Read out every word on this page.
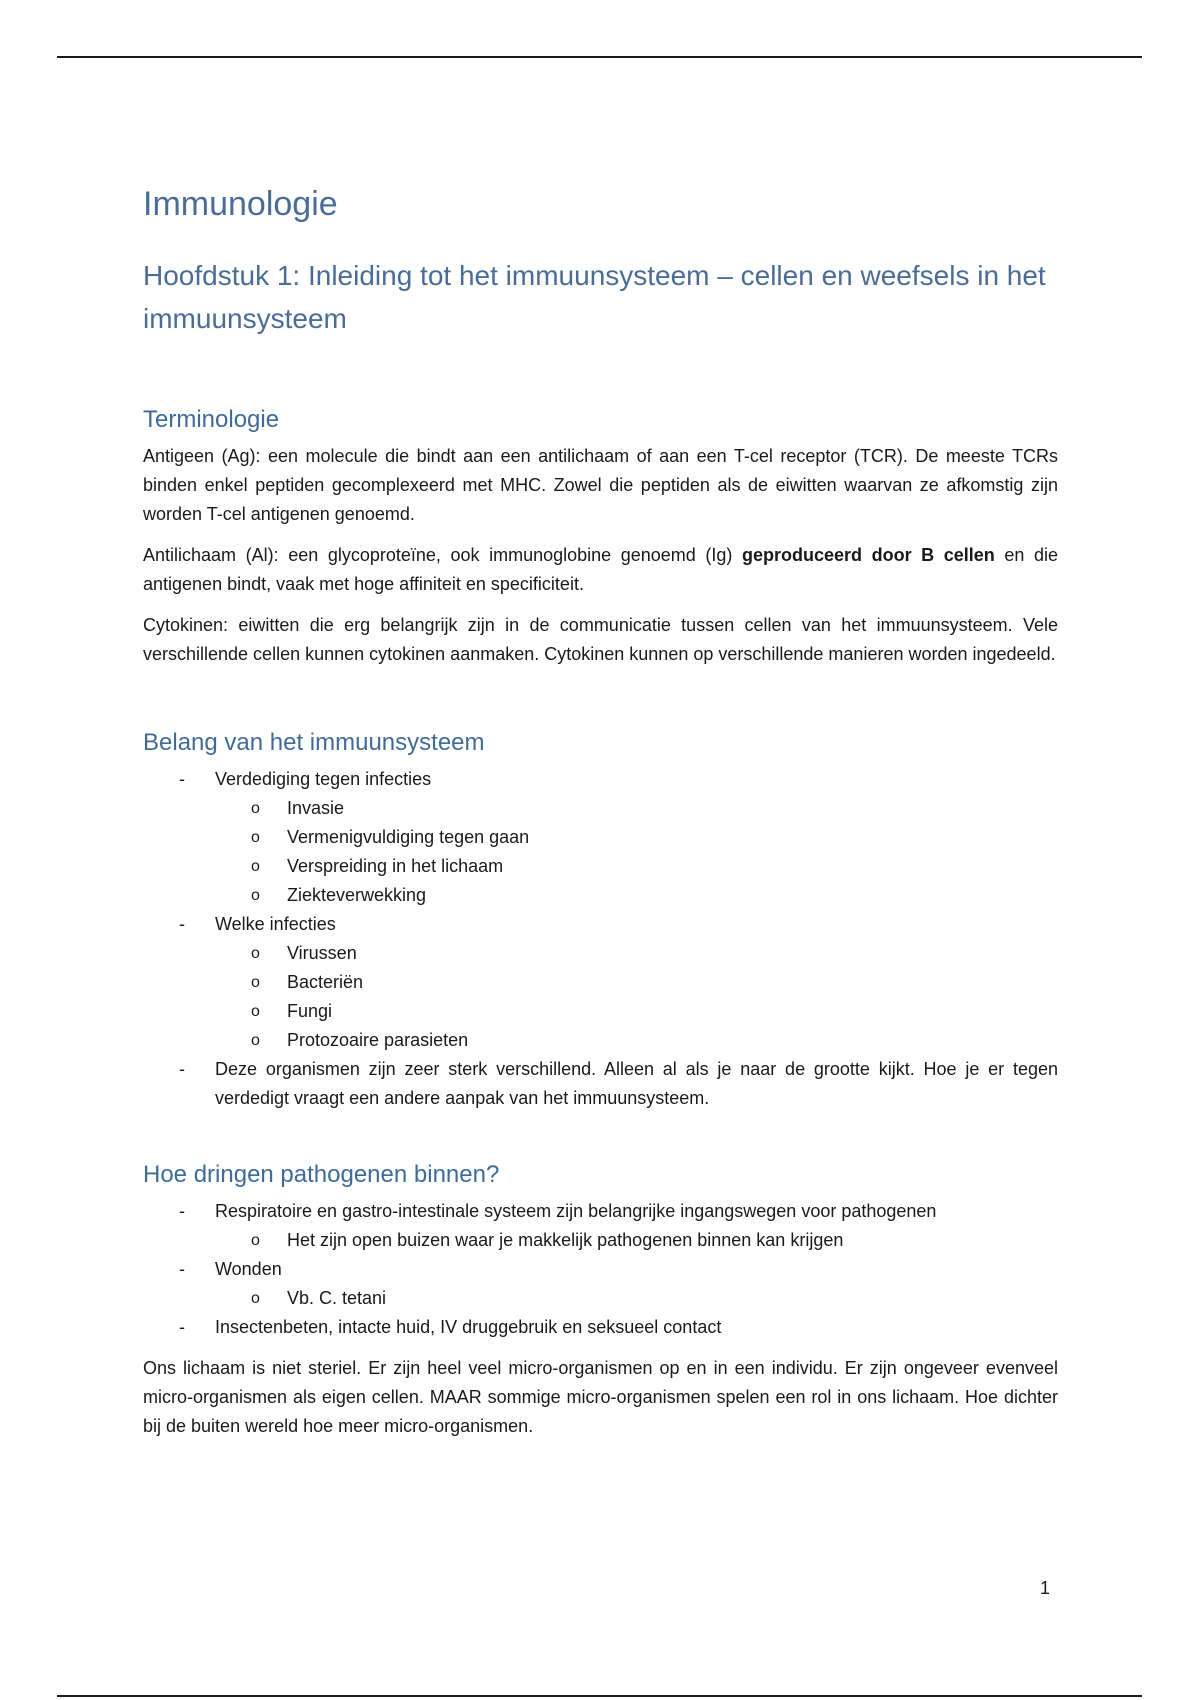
Immunologie
Hoofdstuk 1: Inleiding tot het immuunsysteem – cellen en weefsels in het immuunsysteem
Terminologie

Antigeen (Ag): een molecule die bindt aan een antilichaam of aan een T-cel receptor (TCR). De meeste TCRs binden enkel peptiden gecomplexeerd met MHC. Zowel die peptiden als de eiwitten waarvan ze afkomstig zijn worden T-cel antigenen genoemd.

Antilichaam (Al): een glycoproteïne, ook immunoglobine genoemd (Ig) geproduceerd door B cellen en die antigenen bindt, vaak met hoge affiniteit en specificiteit.

Cytokinen: eiwitten die erg belangrijk zijn in de communicatie tussen cellen van het immuunsysteem. Vele verschillende cellen kunnen cytokinen aanmaken. Cytokinen kunnen op verschillende manieren worden ingedeeld.

Belang van het immuunsysteem
- Verdediging tegen infecties
o Invasie
o Vermenigvuldiging tegen gaan
o Verspreiding in het lichaam
o Ziekteverwekking
- Welke infecties
o Virussen
o Bacteriën
o Fungi
o Protozoaire parasieten
- Deze organismen zijn zeer sterk verschillend. Alleen al als je naar de grootte kijkt. Hoe je er tegen verdedigt vraagt een andere aanpak van het immuunsysteem.
Hoe dringen pathogenen binnen?
- Respiratoire en gastro-intestinale systeem zijn belangrijke ingangswegen voor pathogenen
o Het zijn open buizen waar je makkelijk pathogenen binnen kan krijgen
- Wonden
o Vb. C. tetani
- Insectenbeten, intacte huid, IV druggebruik en seksueel contact

Ons lichaam is niet steriel. Er zijn heel veel micro-organismen op en in een individu. Er zijn ongeveer evenveel micro-organismen als eigen cellen. MAAR sommige micro-organismen spelen een rol in ons lichaam. Hoe dichter bij de buiten wereld hoe meer micro-organismen.

1
